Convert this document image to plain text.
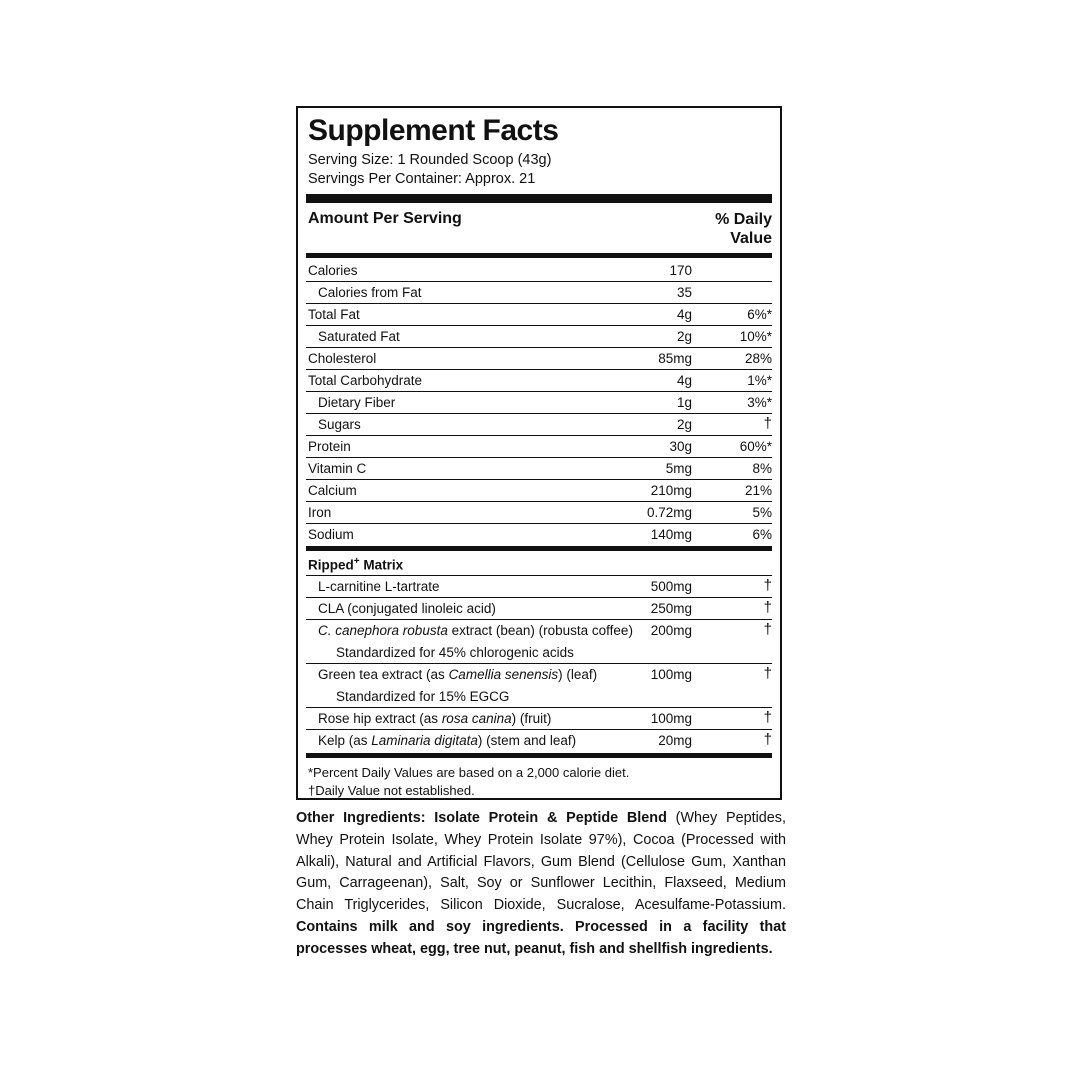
Supplement Facts
Serving Size: 1 Rounded Scoop (43g)
Servings Per Container: Approx. 21
Amount Per Serving	% Daily
Value
Calories	170
Calories from Fat	35
Total Fat	4g	6%*
Saturated Fat	2g	10%*
Cholesterol	85mg	28%
Total Carbohydrate	4g	1%*
Dietary Fiber	1g	3%*
Sugars	2g	†
Protein	30g	60%*
Vitamin C	5mg	8%
Calcium	210mg	21%
Iron	0.72mg	5%
Sodium	140mg	6%
Ripped+ Matrix
L-carnitine L-tartrate	500mg	†
CLA (conjugated linoleic acid)	250mg	†
C. canephora robusta extract (bean) (robusta coffee) 200mg	†
Standardized for 45% chlorogenic acids
Green tea extract (as Camellia senensis) (leaf)	100mg	†
Standardized for 15% EGCG
Rose hip extract (as rosa canina) (fruit)	100mg	†
Kelp (as Laminaria digitata) (stem and leaf)	20mg	†
*Percent Daily Values are based on a 2,000 calorie diet.
†Daily Value not established.
Other Ingredients: Isolate Protein & Peptide Blend (Whey Peptides, Whey Protein Isolate, Whey Protein Isolate 97%), Cocoa (Processed with Alkali), Natural and Artificial Flavors, Gum Blend (Cellulose Gum, Xanthan Gum, Carrageenan), Salt, Soy or Sunflower Lecithin, Flaxseed, Medium Chain Triglycerides, Silicon Dioxide, Sucralose, Acesulfame-Potassium. Contains milk and soy ingredients. Processed in a facility that processes wheat, egg, tree nut, peanut, fish and shellfish ingredients.
